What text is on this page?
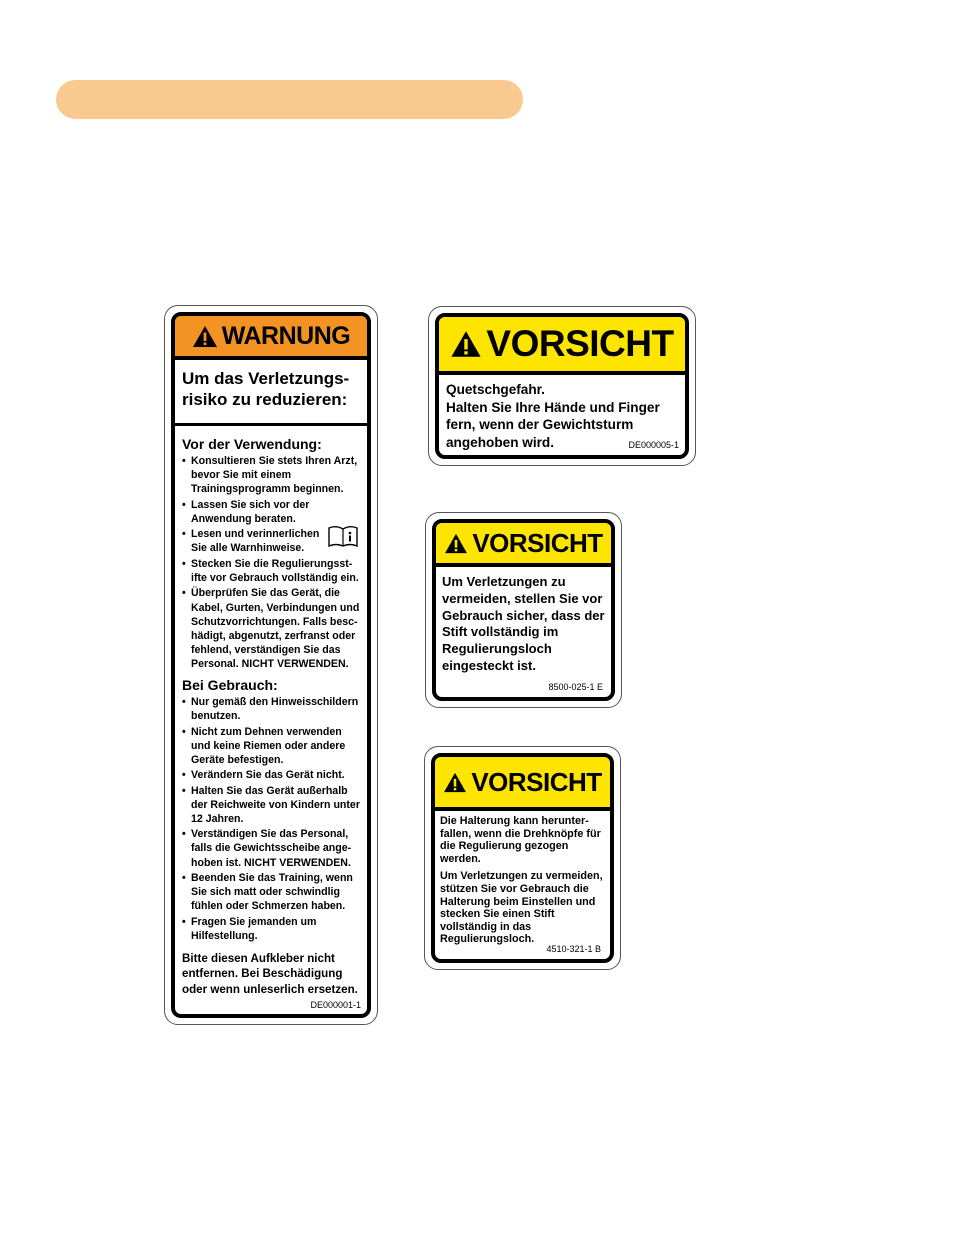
WARNUNG
Um das Verletzungs-
risiko zu reduzieren:

Vor der Verwendung:

• Konsultieren Sie stets Ihren Arzt, bevor Sie mit einem Trainingsprogramm beginnen.
• Lassen Sie sich vor der Anwendung beraten.
• Lesen und verinnerlichen Sie alle Warnhinweise.
• Stecken Sie die Regulierungsst-ifte vor Gebrauch vollständig ein.
• Überprüfen Sie das Gerät, die Kabel, Gurten, Verbindungen und Schutzvorrichtungen. Falls besc-hädigt, abgenutzt, zerfranst oder fehlend, verständigen Sie das Personal. NICHT VERWENDEN.

Bei Gebrauch:

• Nur gemäß den Hinweisschildern benutzen.
• Nicht zum Dehnen verwenden und keine Riemen oder andere Geräte befestigen.
• Verändern Sie das Gerät nicht.
• Halten Sie das Gerät außerhalb der Reichweite von Kindern unter 12 Jahren.
• Verständigen Sie das Personal, falls die Gewichtsscheibe ange-hoben ist. NICHT VERWENDEN.
• Beenden Sie das Training, wenn Sie sich matt oder schwindlig fühlen oder Schmerzen haben.
• Fragen Sie jemanden um Hilfestellung.

Bitte diesen Aufkleber nicht entfernen. Bei Beschädigung oder wenn unleserlich ersetzen.

DE000001-1
VORSICHT
Quetschgefahr.
Halten Sie Ihre Hände und Finger fern, wenn der Gewichtsturm angehoben wird.	DE000005-1
VORSICHT
Um Verletzungen zu vermeiden, stellen Sie vor Gebrauch sicher, dass der Stift vollständig im Regulierungsloch eingesteckt ist.
8500-025-1 E
VORSICHT
Die Halterung kann herunter-fallen, wenn die Drehknöpfe für die Regulierung gezogen werden.
Um Verletzungen zu vermeiden, stützen Sie vor Gebrauch die Halterung beim Einstellen und stecken Sie einen Stift vollständig in das Regulierungsloch.
4510-321-1 B
